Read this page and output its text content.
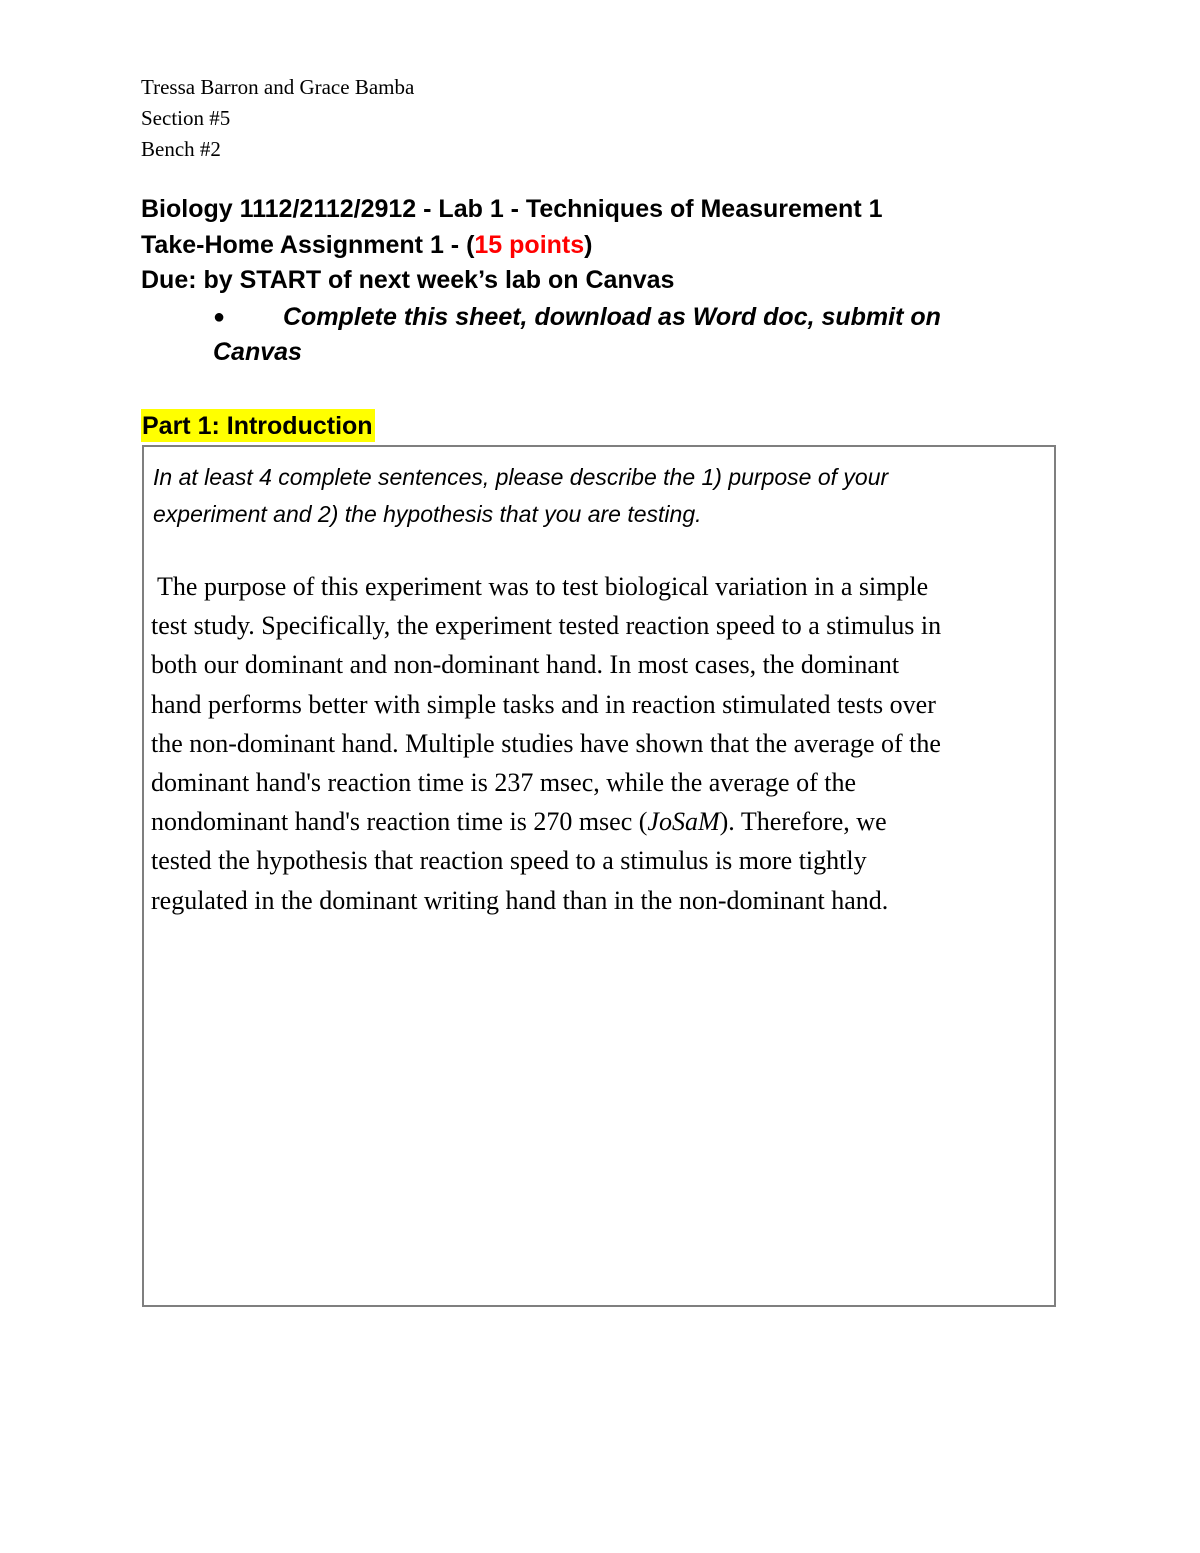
Tressa Barron and Grace Bamba
Section #5
Bench #2
Biology 1112/2112/2912 - Lab 1 - Techniques of Measurement 1
Take-Home Assignment 1 - (15 points)
Due: by START of next week’s lab on Canvas
● Complete this sheet, download as Word doc, submit on
Canvas
Part 1: Introduction

In at least 4 complete sentences, please describe the 1) purpose of your
experiment and 2) the hypothesis that you are testing.

The purpose of this experiment was to test biological variation in a simple
test study. Specifically, the experiment tested reaction speed to a stimulus in
both our dominant and non-dominant hand. In most cases, the dominant
hand performs better with simple tasks and in reaction stimulated tests over
the non-dominant hand. Multiple studies have shown that the average of the
dominant hand's reaction time is 237 msec, while the average of the
nondominant hand's reaction time is 270 msec (JoSaM). Therefore, we
tested the hypothesis that reaction speed to a stimulus is more tightly
regulated in the dominant writing hand than in the non-dominant hand.
